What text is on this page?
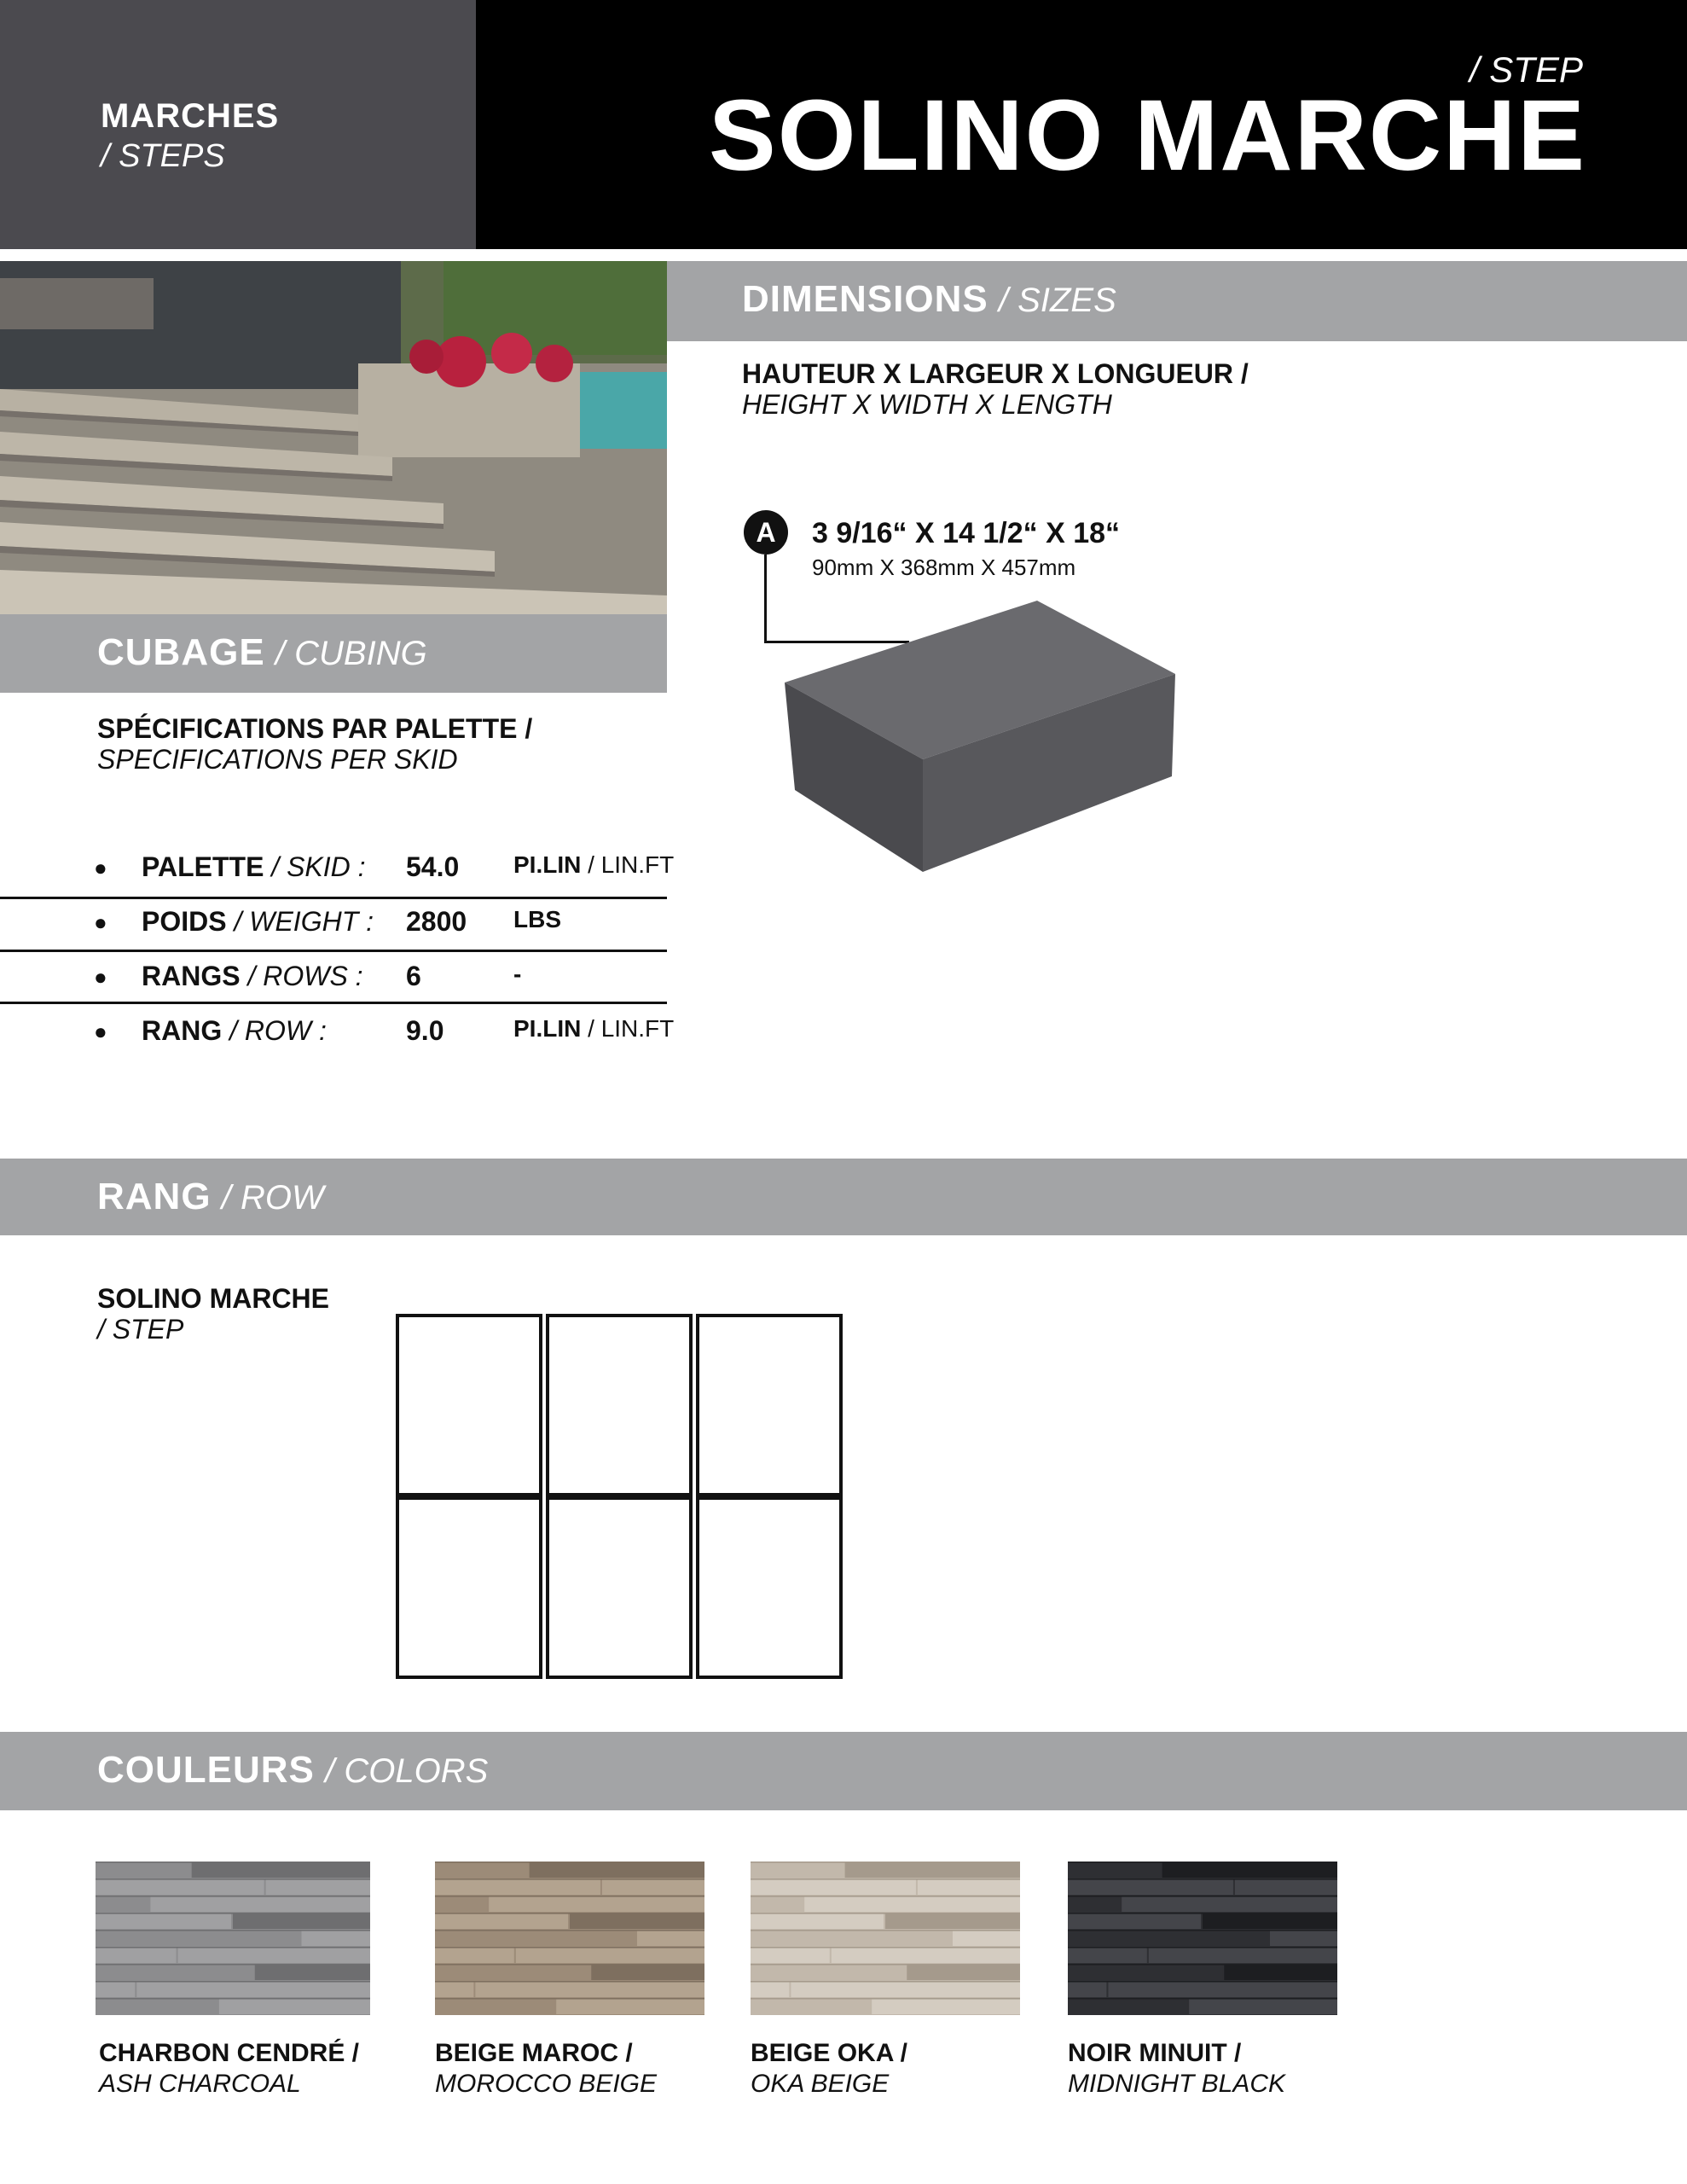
MARCHES
/ STEPS
/ STEP
SOLINO MARCHE
DIMENSIONS / SIZES
HAUTEUR X LARGEUR X LONGUEUR /
HEIGHT X WIDTH X LENGTH
A	3 9/16“ X 14 1/2“ X 18“
90mm X 368mm X 457mm
CUBAGE / CUBING
SPÉCIFICATIONS PAR PALETTE /
SPECIFICATIONS PER SKID
● PALETTE / SKID : 54.0 PI.LIN / LIN.FT
● POIDS / WEIGHT : 2800 LBS
● RANGS / ROWS : 6	-
● RANG / ROW :	9.0	PI.LIN / LIN.FT
RANG / ROW
SOLINO MARCHE
/ STEP
COULEURS / COLORS
CHARBON CENDRÉ /
ASH CHARCOAL
BEIGE MAROC /
MOROCCO BEIGE
BEIGE OKA /
OKA BEIGE
NOIR MINUIT /
MIDNIGHT BLACK
